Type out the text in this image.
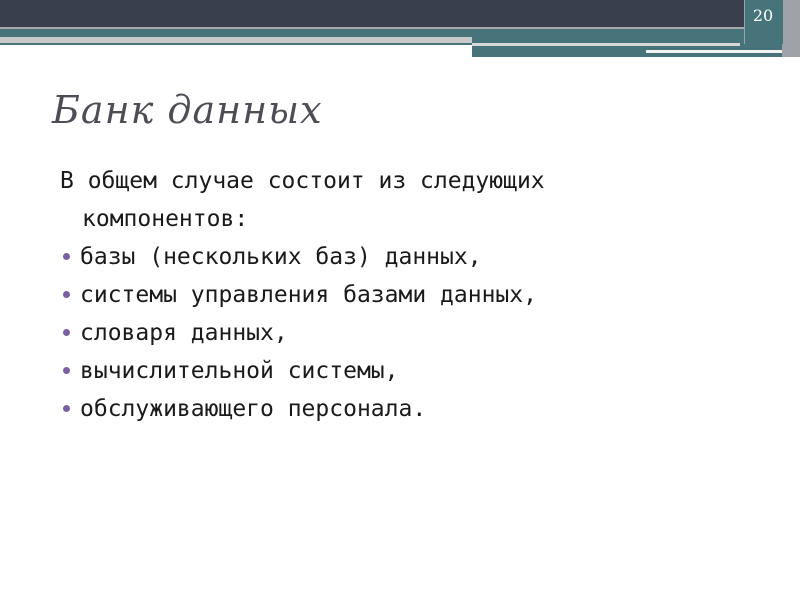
20
Банк данных
В общем случае состоит из следующих
компонентов:
базы (нескольких баз) данных,
системы управления базами данных,
словаря данных,
вычислительной системы,
обслуживающего персонала.
